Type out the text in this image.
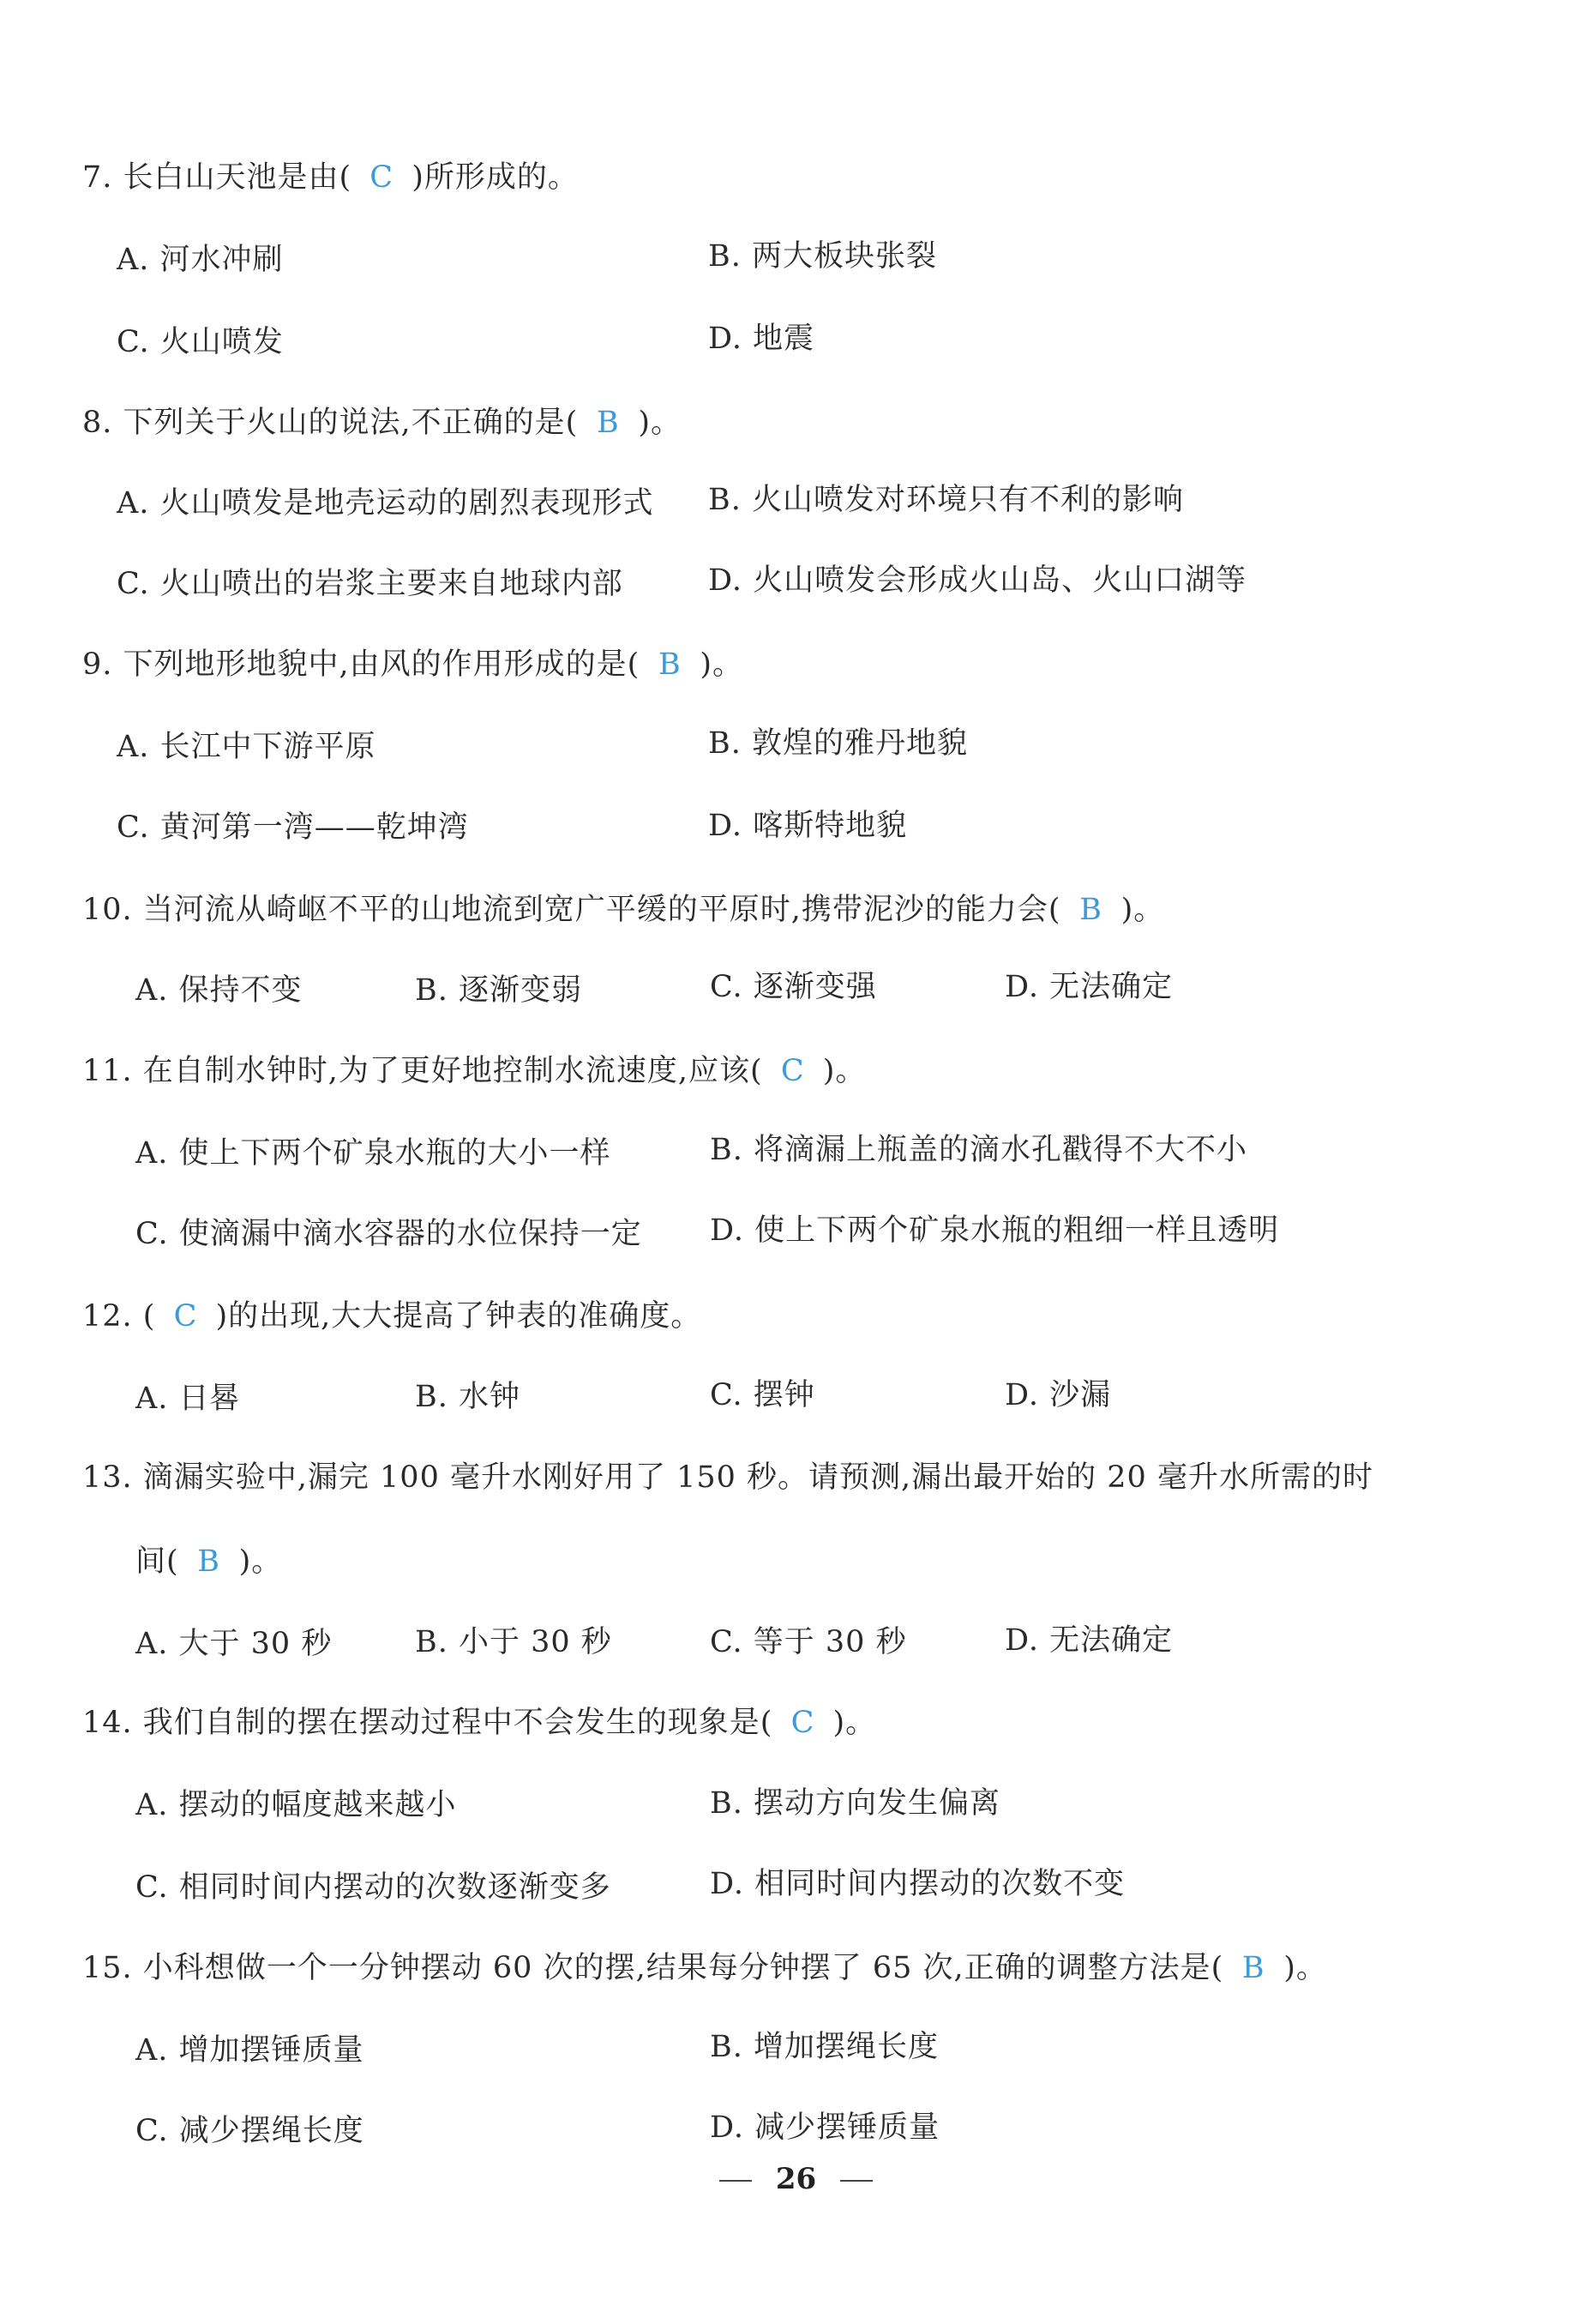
7. 长白山天池是由( C )所形成的。
A. 河水冲刷	B. 两大板块张裂
C. 火山喷发	D. 地震
8. 下列关于火山的说法,不正确的是( B )。
A. 火山喷发是地壳运动的剧烈表现形式 B. 火山喷发对环境只有不利的影响
C. 火山喷出的岩浆主要来自地球内部	D. 火山喷发会形成火山岛、火山口湖等
9. 下列地形地貌中,由风的作用形成的是( B )。
A. 长江中下游平原	B. 敦煌的雅丹地貌
C. 黄河第一湾——乾坤湾	D. 喀斯特地貌
10. 当河流从崎岖不平的山地流到宽广平缓的平原时,携带泥沙的能力会( B )。
A. 保持不变	B. 逐渐变弱	C. 逐渐变强	D. 无法确定
11. 在自制水钟时,为了更好地控制水流速度,应该( C )。
A. 使上下两个矿泉水瓶的大小一样	B. 将滴漏上瓶盖的滴水孔戳得不大不小
C. 使滴漏中滴水容器的水位保持一定 D. 使上下两个矿泉水瓶的粗细一样且透明
12. ( C )的出现,大大提高了钟表的准确度。
A. 日晷	B. 水钟	C. 摆钟	D. 沙漏
13. 滴漏实验中,漏完 100 毫升水刚好用了 150 秒。请预测,漏出最开始的 20 毫升水所需的时
间( B )。
A. 大于 30 秒	B. 小于 30 秒	C. 等于 30 秒	D. 无法确定
14. 我们自制的摆在摆动过程中不会发生的现象是( C )。
A. 摆动的幅度越来越小	B. 摆动方向发生偏离
C. 相同时间内摆动的次数逐渐变多	D. 相同时间内摆动的次数不变
15. 小科想做一个一分钟摆动 60 次的摆,结果每分钟摆了 65 次,正确的调整方法是( B )。
A. 增加摆锤质量	B. 增加摆绳长度
C. 减少摆绳长度	D. 减少摆锤质量
26
